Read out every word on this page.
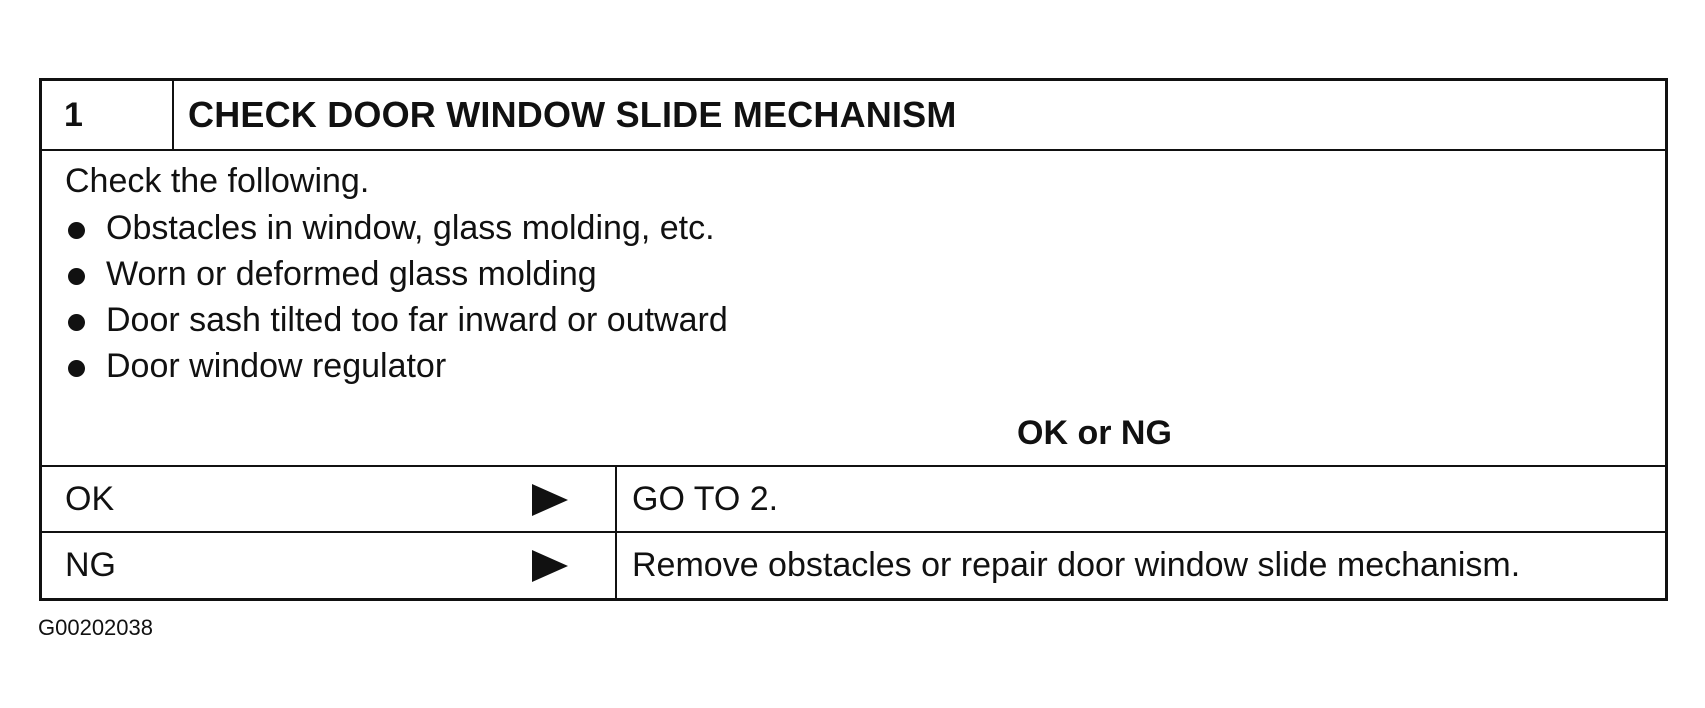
1	CHECK DOOR WINDOW SLIDE MECHANISM
Check the following.
Obstacles in window, glass molding, etc.
Worn or deformed glass molding
Door sash tilted too far inward or outward
Door window regulator
OK or NG
OK	GO TO 2.
NG	Remove obstacles or repair door window slide mechanism.
G00202038
